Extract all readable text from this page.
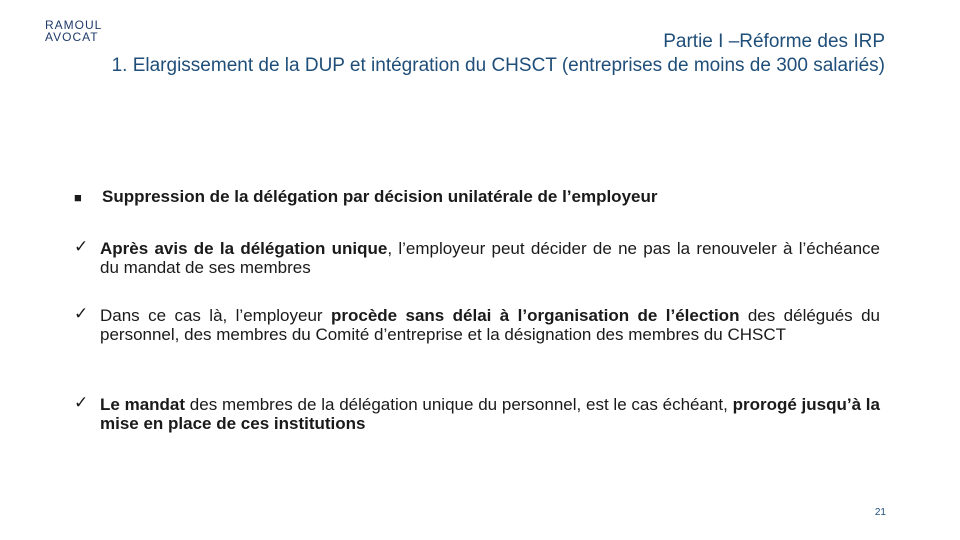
RAMOUL
AVOCAT	Partie I –Réforme des IRP
1. Elargissement de la DUP et intégration du CHSCT (entreprises de moins de 300 salariés)
■ Suppression de la délégation par décision unilatérale de l’employeur
✓ Après avis de la délégation unique, l’employeur peut décider de ne pas la renouveler à l’échéance du mandat de ses membres
✓ Dans ce cas là, l’employeur procède sans délai à l’organisation de l’élection des délégués du personnel, des membres du Comité d’entreprise et la désignation des membres du CHSCT
✓ Le mandat des membres de la délégation unique du personnel, est le cas échéant, prorogé jusqu’à la mise en place de ces institutions
21
